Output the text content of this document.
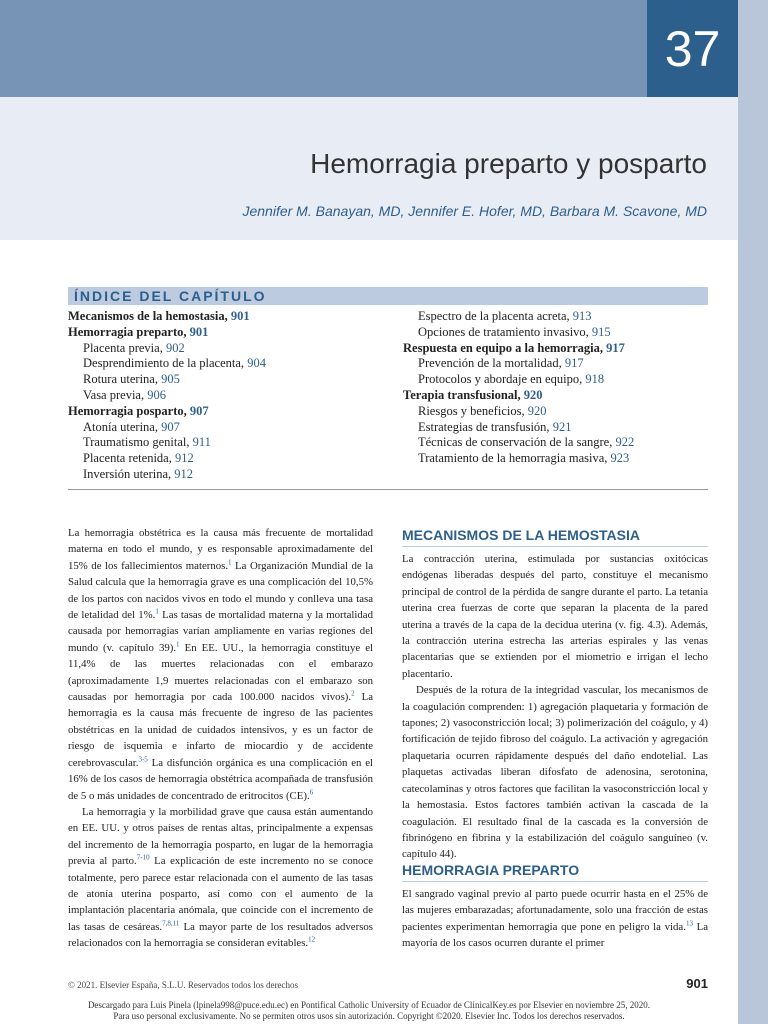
37
Hemorragia preparto y posparto
Jennifer M. Banayan, MD, Jennifer E. Hofer, MD, Barbara M. Scavone, MD
ÍNDICE DEL CAPÍTULO
Mecanismos de la hemostasia, 901
Hemorragia preparto, 901
Placenta previa, 902
Desprendimiento de la placenta, 904
Rotura uterina, 905
Vasa previa, 906
Hemorragia posparto, 907
Atonía uterina, 907
Traumatismo genital, 911
Placenta retenida, 912
Inversión uterina, 912
Espectro de la placenta acreta, 913
Opciones de tratamiento invasivo, 915
Respuesta en equipo a la hemorragia, 917
Prevención de la mortalidad, 917
Protocolos y abordaje en equipo, 918
Terapia transfusional, 920
Riesgos y beneficios, 920
Estrategias de transfusión, 921
Técnicas de conservación de la sangre, 922
Tratamiento de la hemorragia masiva, 923

La hemorragia obstétrica es la causa más frecuente de mortalidad materna en todo el mundo, y es responsable aproximadamente del 15% de los fallecimientos maternos.$^1$ La Organización Mundial de la Salud calcula que la hemorragia grave es una complicación del 10,5% de los partos con nacidos vivos en todo el mundo y conlleva una tasa de letalidad del 1%.$^1$ Las tasas de mortalidad materna y la mortalidad causada por hemorragias varían ampliamente en varias regiones del mundo (v. capítulo 39).$^1$ En EE. UU., la hemorragia constituye el 11,4% de las muertes relacionadas con el embarazo (aproximadamente 1,9 muertes relacionadas con el embarazo son causadas por hemorragia por cada 100.000 nacidos vivos).$^2$ La hemorragia es la causa más frecuente de ingreso de las pacientes obstétricas en la unidad de cuidados intensivos, y es un factor de riesgo de isquemia e infarto de miocardio y de accidente cerebrovascular.$^{3-5}$ La disfunción orgánica es una complicación en el 16% de los casos de hemorragia obstétrica acompañada de transfusión de 5 o más unidades de concentrado de eritrocitos (CE).$^6$

La hemorragia y la morbilidad grave que causa están aumentando en EE. UU. y otros países de rentas altas, principalmente a expensas del incremento de la hemorragia posparto, en lugar de la hemorragia previa al parto.$^{7-10}$ La explicación de este incremento no se conoce totalmente, pero parece estar relacionada con el aumento de las tasas de atonía uterina posparto, así como con el aumento de la implantación placentaria anómala, que coincide con el incremento de las tasas de cesáreas.$^{7,8,11}$ La mayor parte de los resultados adversos relacionados con la hemorragia se consideran evitables.$^{12}$

MECANISMOS DE LA HEMOSTASIA

La contracción uterina, estimulada por sustancias oxitócicas endógenas liberadas después del parto, constituye el mecanismo principal de control de la pérdida de sangre durante el parto. La tetania uterina crea fuerzas de corte que separan la placenta de la pared uterina a través de la capa de la decidua uterina (v. fig. 4.3). Además, la contracción uterina estrecha las arterias espirales y las venas placentarias que se extienden por el miometrio e irrigan el lecho placentario.

Después de la rotura de la integridad vascular, los mecanismos de la coagulación comprenden: 1) agregación plaquetaria y formación de tapones; 2) vasoconstricción local; 3) polimerización del coágulo, y 4) fortificación de tejido fibroso del coágulo. La activación y agregación plaquetaria ocurren rápidamente después del daño endotelial. Las plaquetas activadas liberan difosfato de adenosina, serotonina, catecolaminas y otros factores que facilitan la vasoconstricción local y la hemostasia. Estos factores también activan la cascada de la coagulación. El resultado final de la cascada es la conversión de fibrinógeno en fibrina y la estabilización del coágulo sanguíneo (v. capítulo 44).

HEMORRAGIA PREPARTO

El sangrado vaginal previo al parto puede ocurrir hasta en el 25% de las mujeres embarazadas; afortunadamente, solo una fracción de estas pacientes experimentan hemorragia que pone en peligro la vida.$^{13}$ La mayoría de los casos ocurren durante el primer

© 2021. Elsevier España, S.L.U. Reservados todos los derechos	901
Descargado para Luis Pinela (lpinela998@puce.edu.ec) en Pontifical Catholic University of Ecuador de ClinicalKey.es por Elsevier en noviembre 25, 2020.
Para uso personal exclusivamente. No se permiten otros usos sin autorización. Copyright ©2020. Elsevier Inc. Todos los derechos reservados.
